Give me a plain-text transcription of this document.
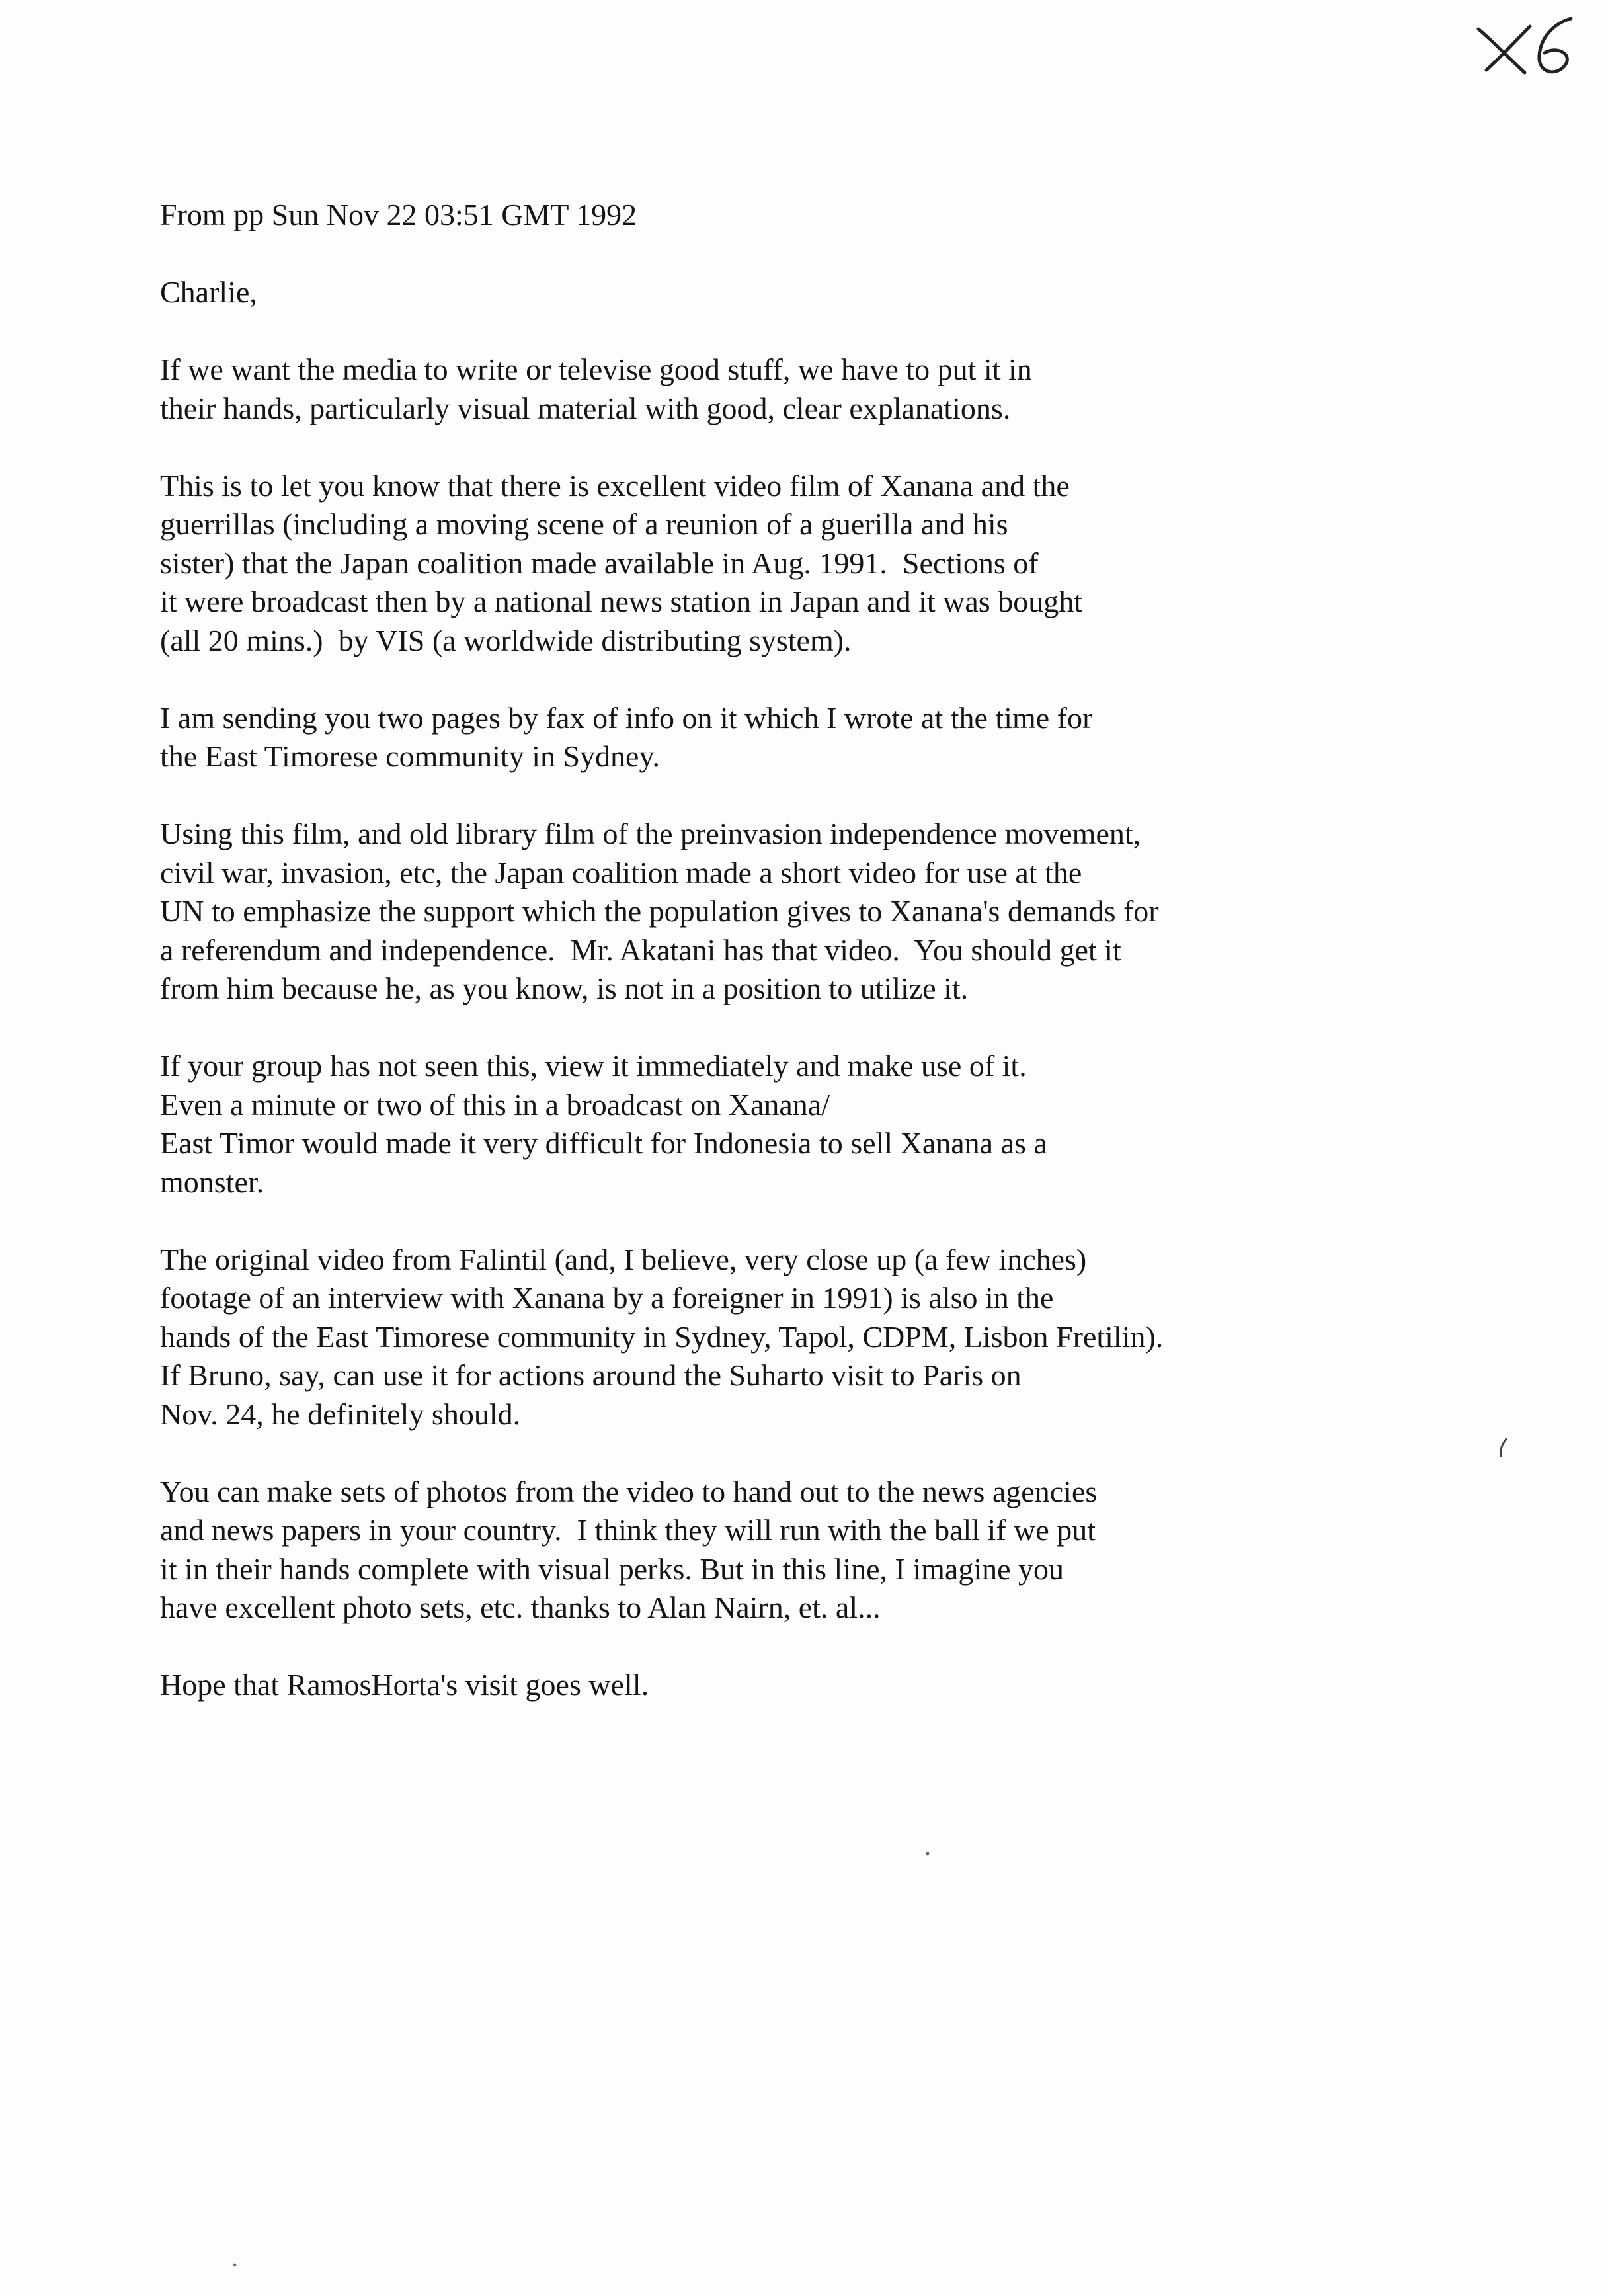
From pp Sun Nov 22 03:51 GMT 1992
Charlie,
If we want the media to write or televise good stuff, we have to put it in
their hands, particularly visual material with good, clear explanations.
This is to let you know that there is excellent video film of Xanana and the
guerrillas (including a moving scene of a reunion of a guerilla and his
sister) that the Japan coalition made available in Aug. 1991.  Sections of
it were broadcast then by a national news station in Japan and it was bought
(all 20 mins.)  by VIS (a worldwide distributing system).
I am sending you two pages by fax of info on it which I wrote at the time for
the East Timorese community in Sydney.
Using this film, and old library film of the preinvasion independence movement,
civil war, invasion, etc, the Japan coalition made a short video for use at the
UN to emphasize the support which the population gives to Xanana's demands for
a referendum and independence.  Mr. Akatani has that video.  You should get it
from him because he, as you know, is not in a position to utilize it.
If your group has not seen this, view it immediately and make use of it.
Even a minute or two of this in a broadcast on Xanana/
East Timor would made it very difficult for Indonesia to sell Xanana as a
monster.
The original video from Falintil (and, I believe, very close up (a few inches)
footage of an interview with Xanana by a foreigner in 1991) is also in the
hands of the East Timorese community in Sydney, Tapol, CDPM, Lisbon Fretilin).
If Bruno, say, can use it for actions around the Suharto visit to Paris on
Nov. 24, he definitely should.
You can make sets of photos from the video to hand out to the news agencies
and news papers in your country.  I think they will run with the ball if we put
it in their hands complete with visual perks. But in this line, I imagine you
have excellent photo sets, etc. thanks to Alan Nairn, et. al...
Hope that RamosHorta's visit goes well.
